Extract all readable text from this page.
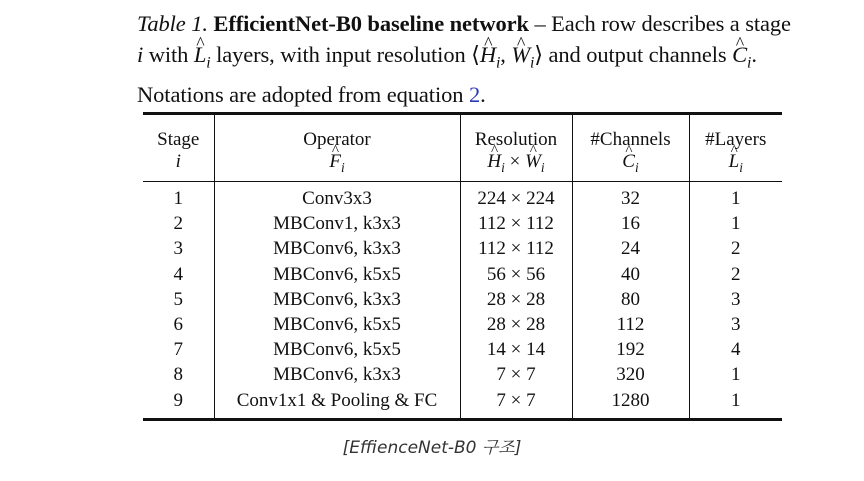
Table 1. EfficientNet-B0 baseline network – Each row describes a stage i with ^ $L_i$ layers, with input resolution ⟨^ $H_i$, ^ $W_i⟩$ and output channels ^ $C_i$. Notations are adopted from equation 2.
Stage	Operator	Resolution	#Channels	#Layers
i	^ $F_i$	^ $H_i$ × ^ $W_i$	^ $C_i$	^ $L_i$
1	Conv3x3	224 × 224	32	1
2	MBConv1, k3x3	112 × 112	16	1
3	MBConv6, k3x3	112 × 112	24	2
4	MBConv6, k5x5	56 × 56	40	2
5	MBConv6, k3x3	28 × 28	80	3
6	MBConv6, k5x5	28 × 28	112	3
7	MBConv6, k5x5	14 × 14	192	4
8	MBConv6, k3x3	7 × 7	320	1
9	Conv1x1 & Pooling & FC	7 × 7	1280	1
[EffienceNet-B0 구조]
